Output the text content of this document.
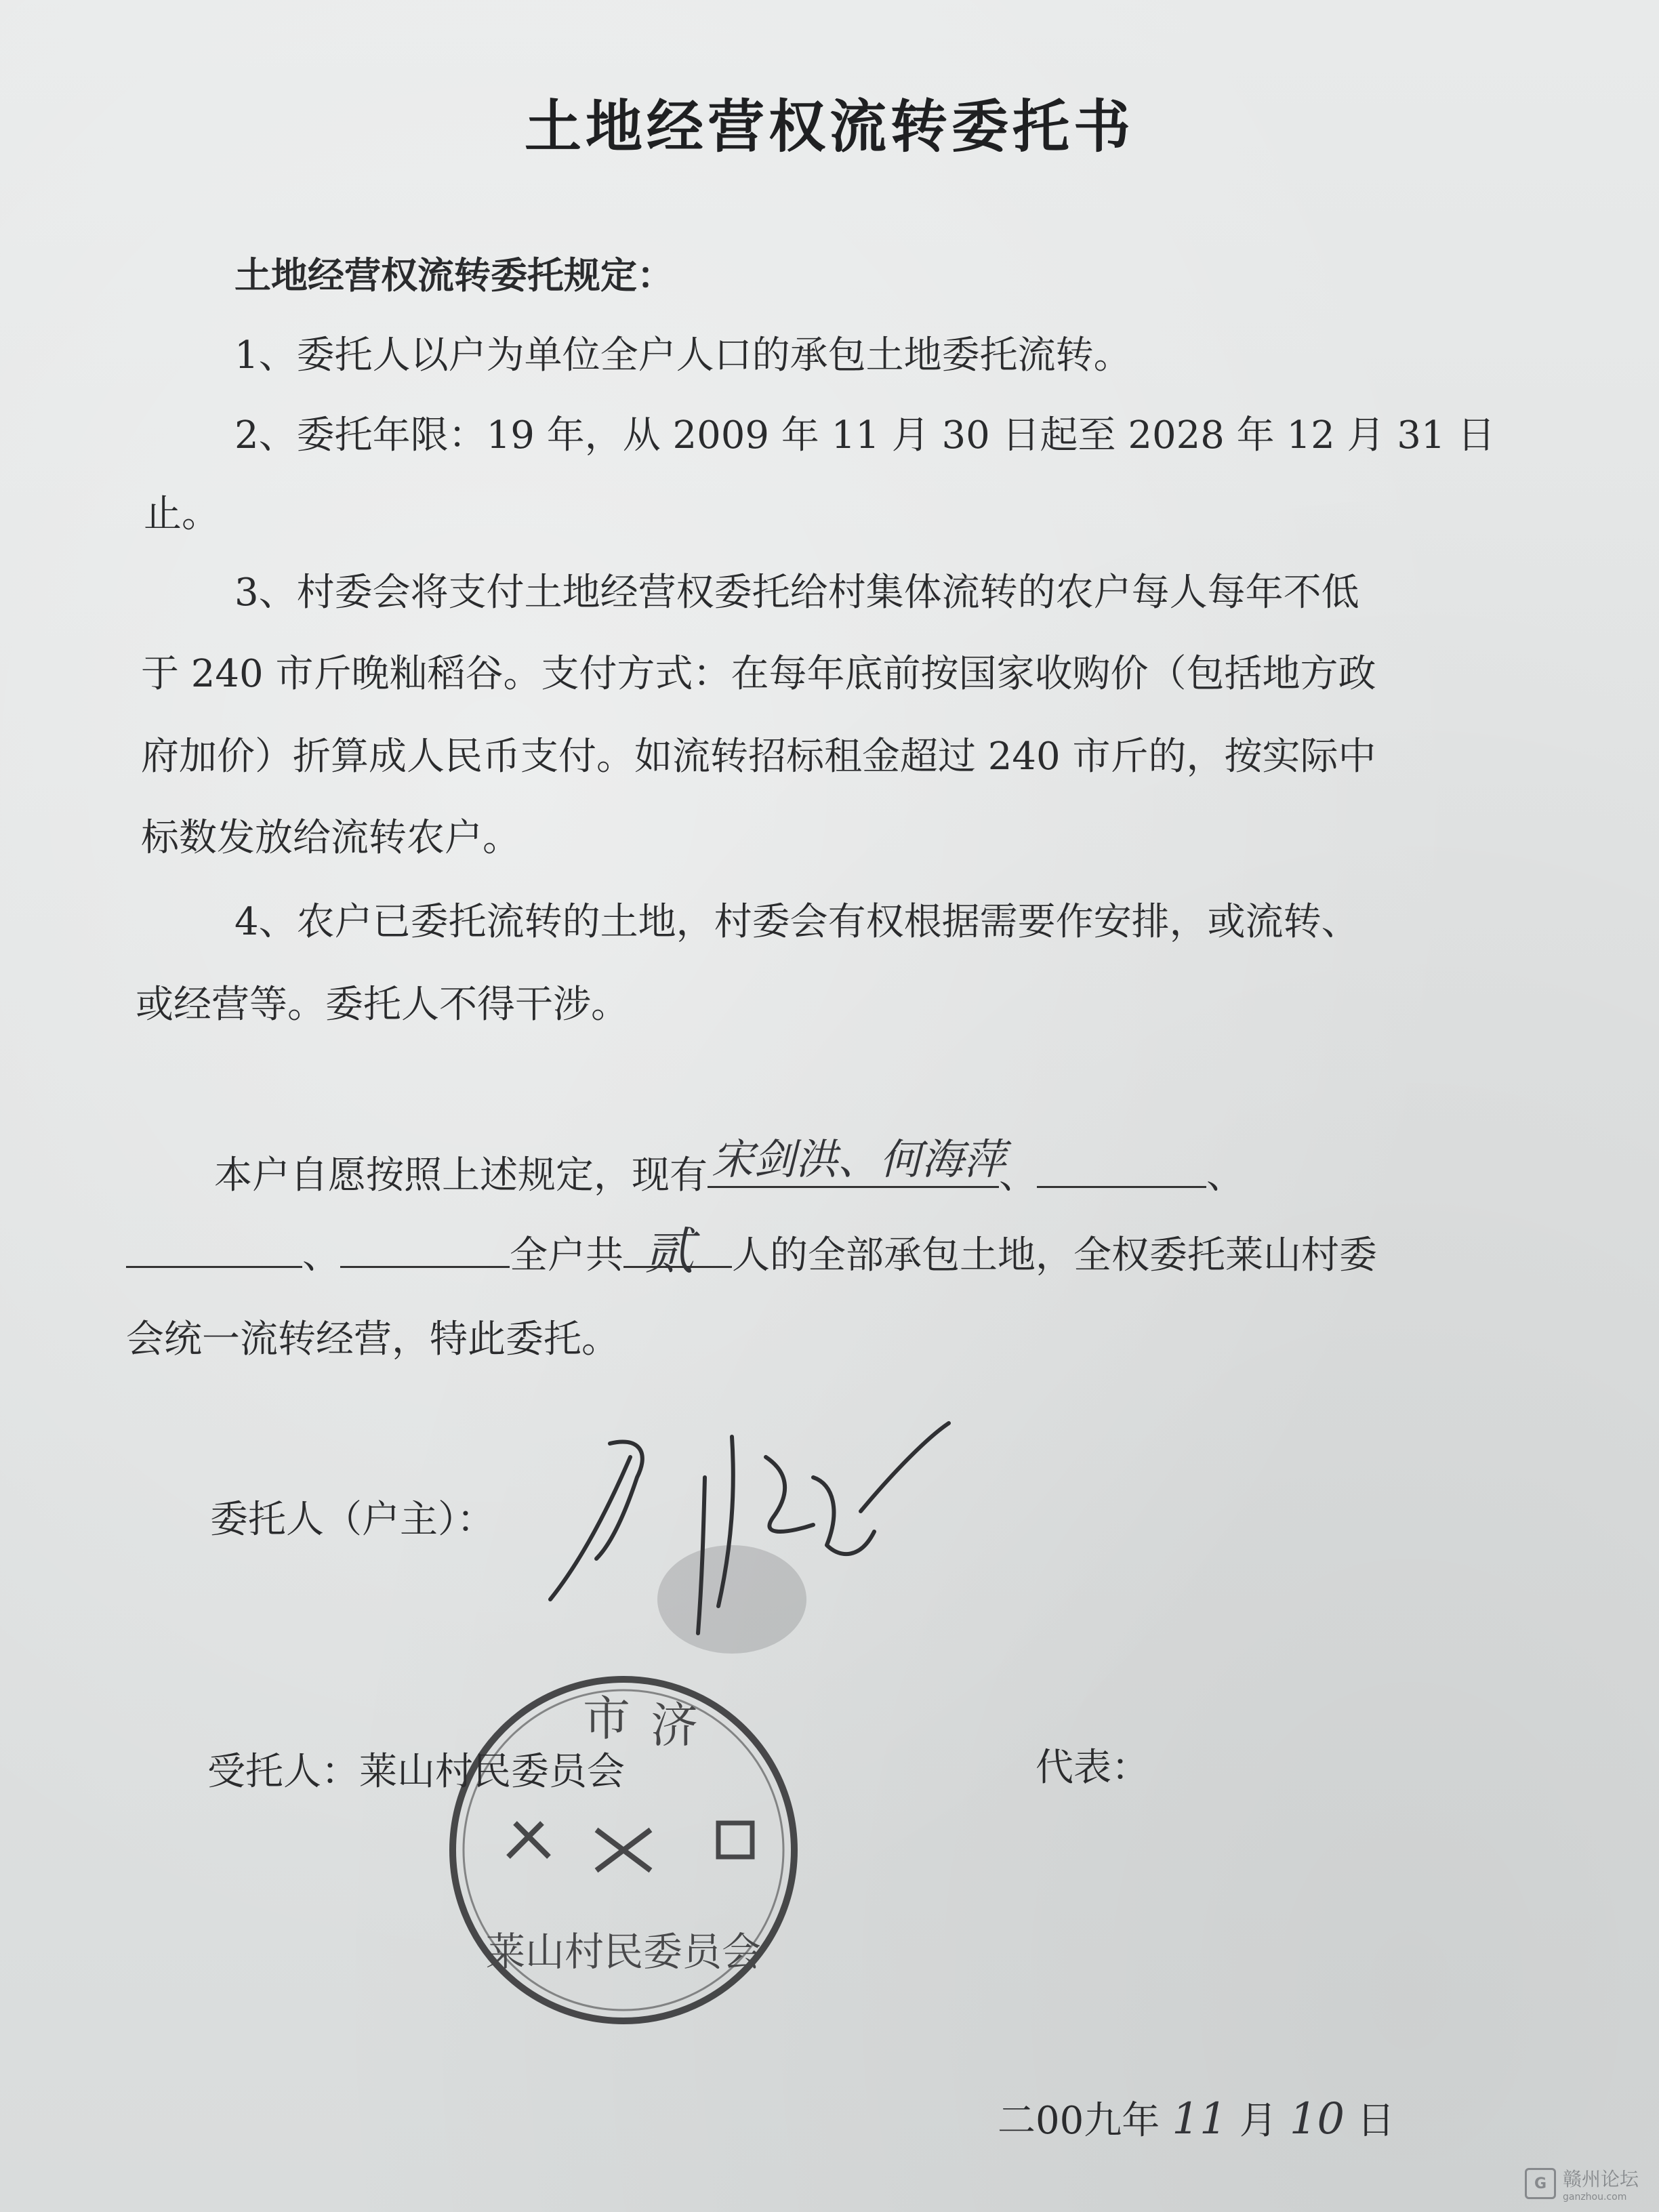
土地经营权流转委托书
土地经营权流转委托规定：
1、委托人以户为单位全户人口的承包土地委托流转。
2、委托年限：19 年，从 2009 年 11 月 30 日起至 2028 年 12 月 31 日
止。
3、村委会将支付土地经营权委托给村集体流转的农户每人每年不低
于 240 市斤晚籼稻谷。支付方式：在每年底前按国家收购价（包括地方政
府加价）折算成人民币支付。如流转招标租金超过 240 市斤的，按实际中
标数发放给流转农户。
4、农户已委托流转的土地，村委会有权根据需要作安排，或流转、
或经营等。委托人不得干涉。
本户自愿按照上述规定，现有 宋剑洪、何海萍
、	、
、	全户共 贰 人的全部承包土地，全权委托莱山村委
会统一流转经营，特此委托。
委托人（户主）：
受托人：莱山村民委员会	代表：
二00九年 11 月 10 日
市 济
莱山村民委员会
G 赣州论坛
ganzhou.com
